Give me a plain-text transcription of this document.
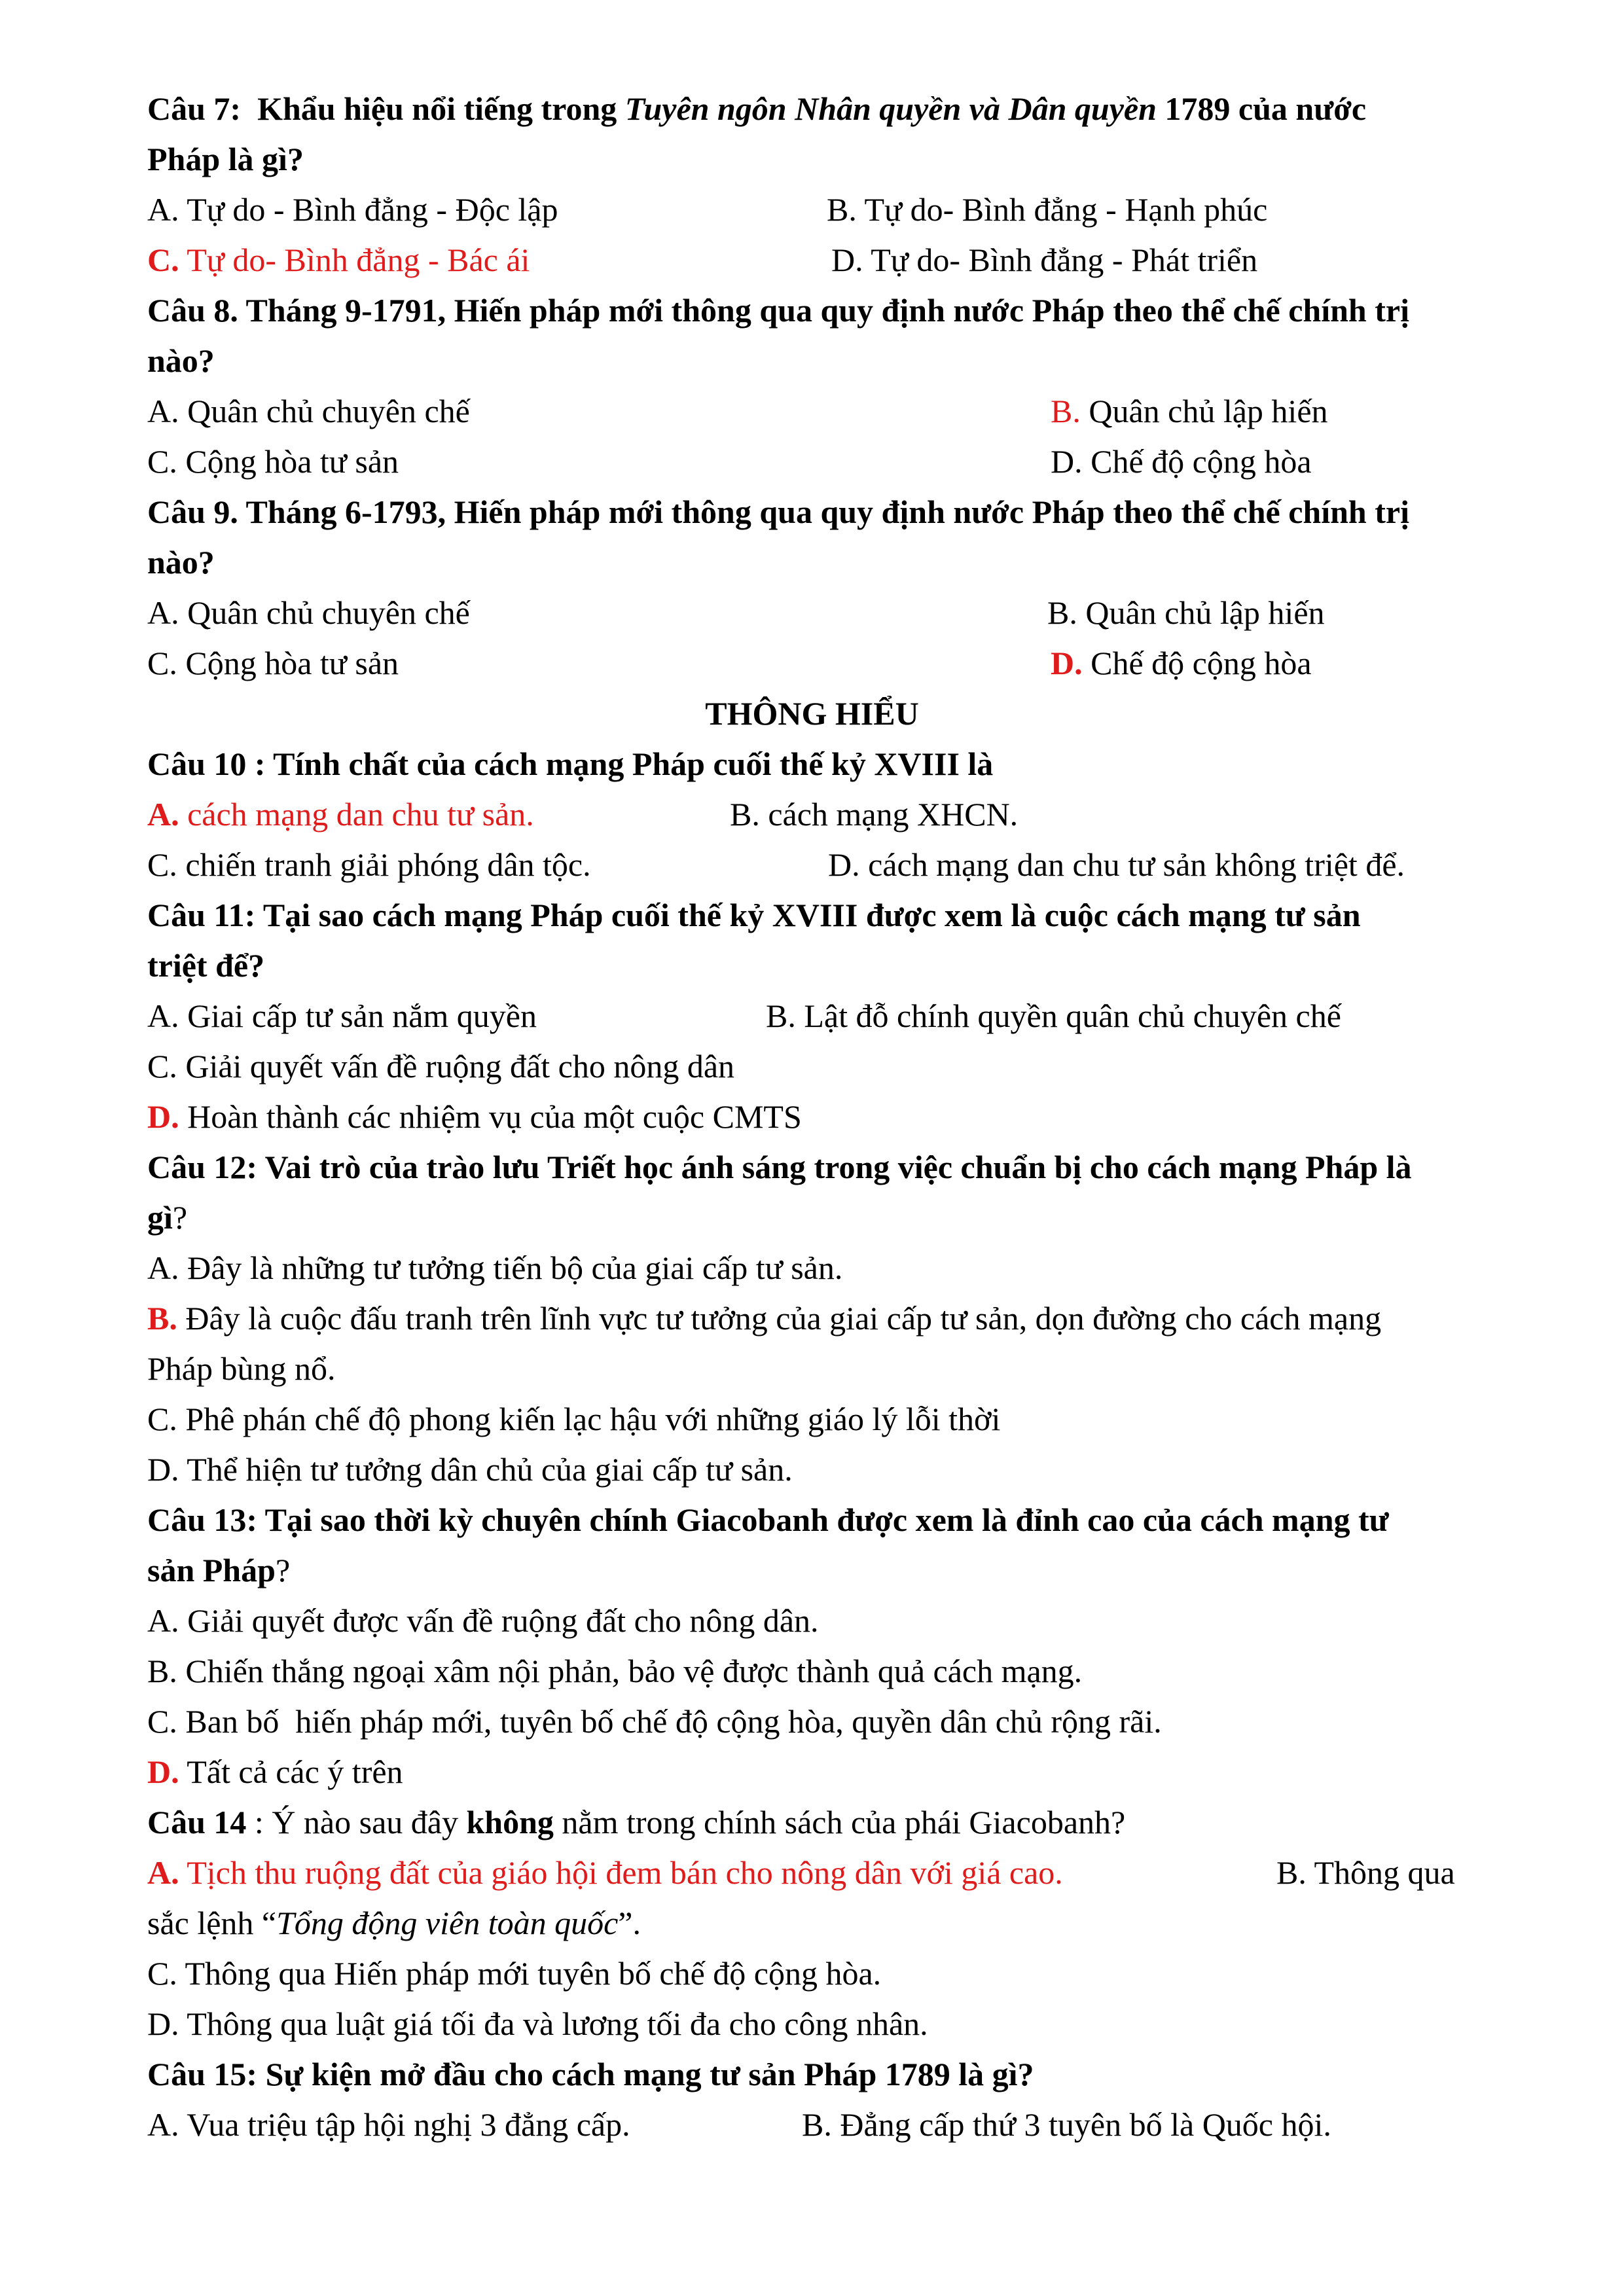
Câu 7: Khẩu hiệu nổi tiếng trong Tuyên ngôn Nhân quyền và Dân quyền 1789 của nước
Pháp là gì?
A. Tự do - Bình đẳng - Độc lập	B. Tự do- Bình đẳng - Hạnh phúc
C. Tự do- Bình đẳng - Bác ái	D. Tự do- Bình đẳng - Phát triển
Câu 8. Tháng 9-1791, Hiến pháp mới thông qua quy định nước Pháp theo thể chế chính trị
nào?
A. Quân chủ chuyên chế	B. Quân chủ lập hiến
C. Cộng hòa tư sản	D. Chế độ cộng hòa
Câu 9. Tháng 6-1793, Hiến pháp mới thông qua quy định nước Pháp theo thể chế chính trị
nào?
A. Quân chủ chuyên chế	B. Quân chủ lập hiến
C. Cộng hòa tư sản	D. Chế độ cộng hòa
THÔNG HIỂU
Câu 10 : Tính chất của cách mạng Pháp cuối thế kỷ XVIII là
A. cách mạng dan chu tư sản.	B. cách mạng XHCN.
C. chiến tranh giải phóng dân tộc.	D. cách mạng dan chu tư sản không triệt để.
Câu 11: Tại sao cách mạng Pháp cuối thế kỷ XVIII được xem là cuộc cách mạng tư sản
triệt để?
A. Giai cấp tư sản nắm quyền	B. Lật đỗ chính quyền quân chủ chuyên chế
C. Giải quyết vấn đề ruộng đất cho nông dân
D. Hoàn thành các nhiệm vụ của một cuộc CMTS
Câu 12: Vai trò của trào lưu Triết học ánh sáng trong việc chuẩn bị cho cách mạng Pháp là
gì?
A. Đây là những tư tưởng tiến bộ của giai cấp tư sản.
B. Đây là cuộc đấu tranh trên lĩnh vực tư tưởng của giai cấp tư sản, dọn đường cho cách mạng
Pháp bùng nổ.
C. Phê phán chế độ phong kiến lạc hậu với những giáo lý lỗi thời
D. Thể hiện tư tưởng dân chủ của giai cấp tư sản.
Câu 13: Tại sao thời kỳ chuyên chính Giacobanh được xem là đỉnh cao của cách mạng tư
sản Pháp?
A. Giải quyết được vấn đề ruộng đất cho nông dân.
B. Chiến thắng ngoại xâm nội phản, bảo vệ được thành quả cách mạng.
C. Ban bố  hiến pháp mới, tuyên bố chế độ cộng hòa, quyền dân chủ rộng rãi.
D. Tất cả các ý trên
Câu 14 : Ý nào sau đây không nằm trong chính sách của phái Giacobanh?
A. Tịch thu ruộng đất của giáo hội đem bán cho nông dân với giá cao.	B. Thông qua
sắc lệnh “Tổng động viên toàn quốc”.
C. Thông qua Hiến pháp mới tuyên bố chế độ cộng hòa.
D. Thông qua luật giá tối đa và lương tối đa cho công nhân.
Câu 15: Sự kiện mở đầu cho cách mạng tư sản Pháp 1789 là gì?
A. Vua triệu tập hội nghị 3 đẳng cấp.	B. Đẳng cấp thứ 3 tuyên bố là Quốc hội.
